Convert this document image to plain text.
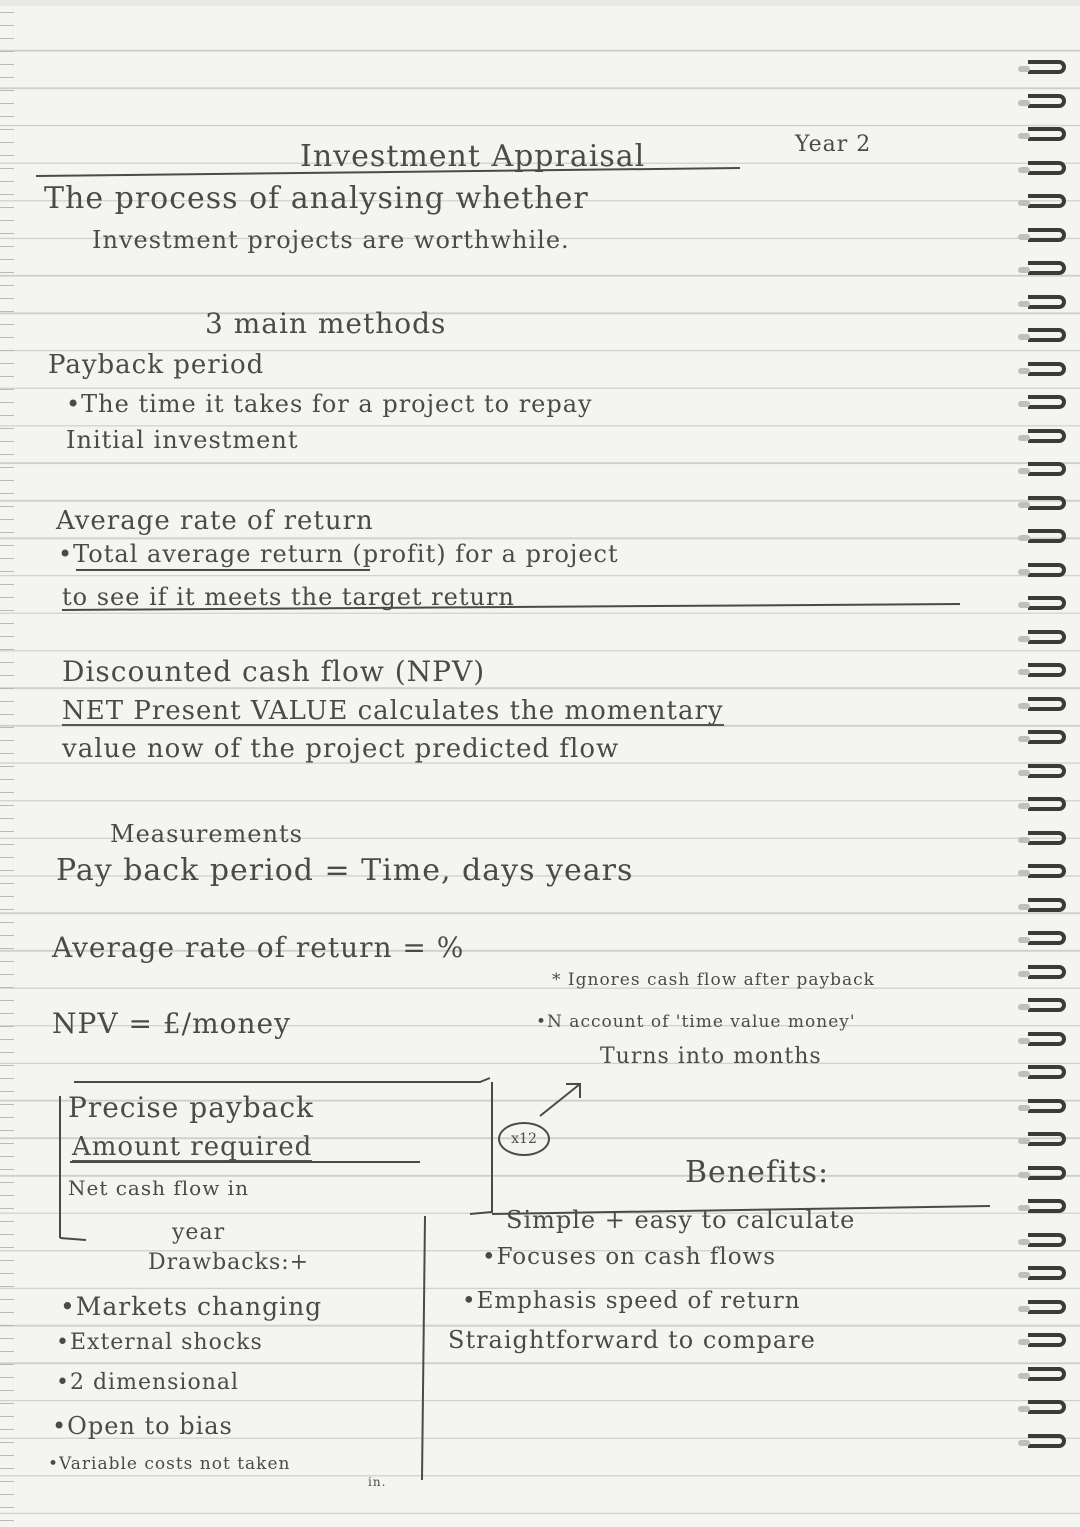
Investment Appraisal	Year 2
The process of analysing whether
Investment projects are worthwhile.
3 main methods
Payback period
•The time it takes for a project to repay
Initial investment
Average rate of return
•Total average return (profit) for a project
to see if it meets the target return
Discounted cash flow (NPV)
NET Present VALUE calculates the momentary
value now of the project predicted flow
Measurements
Pay back period = Time, days years
Average rate of return = %
NPV = £/money
* Ignores cash flow after payback
•N account of 'time value money'
Turns into months
Precise payback
Amount required
Net cash flow in
year
x12
Drawbacks:+
•Markets changing
•External shocks
•2 dimensional
•Open to bias
•Variable costs not taken
in.
Benefits:
Simple + easy to calculate
•Focuses on cash flows
•Emphasis speed of return
Straightforward to compare
